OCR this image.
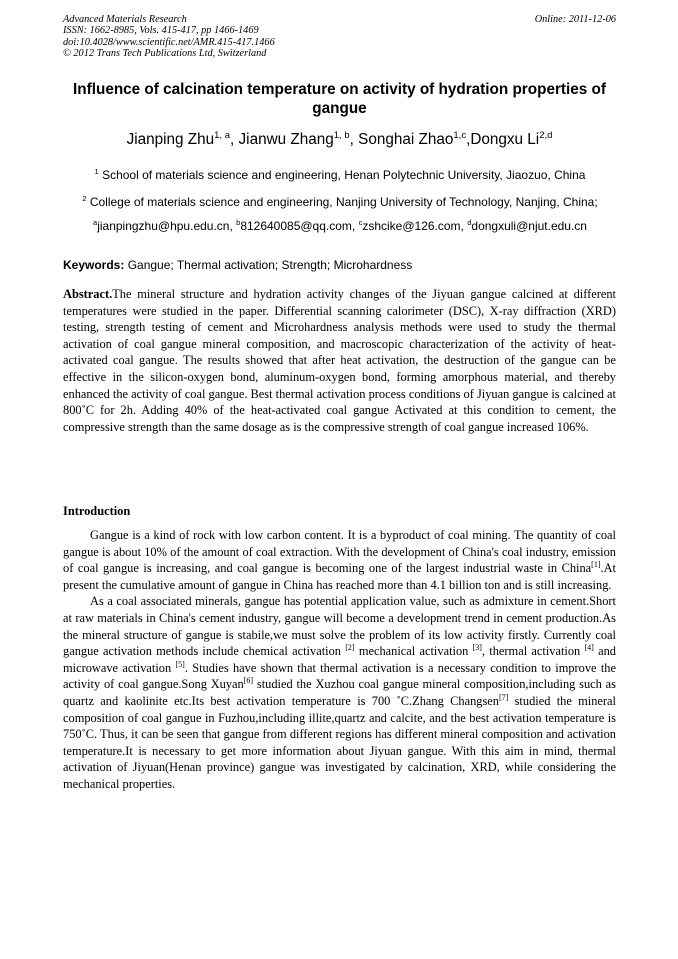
Advanced Materials Research
ISSN: 1662-8985, Vols. 415-417, pp 1466-1469
doi:10.4028/www.scientific.net/AMR.415-417.1466
© 2012 Trans Tech Publications Ltd, Switzerland
Online: 2011-12-06
Influence of calcination temperature on activity of hydration properties of gangue
Jianping Zhu$^{1, a}$, Jianwu Zhang$^{1, b}$, Songhai Zhao$^{1,c}$,Dongxu Li$^{2,d}$
$^1$ School of materials science and engineering, Henan Polytechnic University, Jiaozuo, China
$^2$ College of materials science and engineering, Nanjing University of Technology, Nanjing, China;
$^a$jianpingzhu@hpu.edu.cn, $^b$812640085@qq.com, $^c$zshcike@126.com, $^d$dongxuli@njut.edu.cn
Keywords: Gangue; Thermal activation; Strength; Microhardness
Abstract.The mineral structure and hydration activity changes of the Jiyuan gangue calcined at different temperatures were studied in the paper. Differential scanning calorimeter (DSC), X-ray diffraction (XRD) testing, strength testing of cement and Microhardness analysis methods were used to study the thermal activation of coal gangue mineral composition, and macroscopic characterization of the activity of heat-activated coal gangue. The results showed that after heat activation, the destruction of the gangue can be effective in the silicon-oxygen bond, aluminum-oxygen bond, forming amorphous material, and thereby enhanced the activity of coal gangue. Best thermal activation process conditions of Jiyuan gangue is calcined at 800˚C for 2h. Adding 40% of the heat-activated coal gangue Activated at this condition to cement, the compressive strength than the same dosage as is the compressive strength of coal gangue increased 106%.
Introduction

Gangue is a kind of rock with low carbon content. It is a byproduct of coal mining. The quantity of coal gangue is about 10% of the amount of coal extraction. With the development of China's coal industry, emission of coal gangue is increasing, and coal gangue is becoming one of the largest industrial waste in China[1].At present the cumulative amount of gangue in China has reached more than 4.1 billion ton and is still increasing.

As a coal associated minerals, gangue has potential application value, such as admixture in cement.Short at raw materials in China's cement industry, gangue will become a development trend in cement production.As the mineral structure of gangue is stabile,we must solve the problem of its low activity firstly. Currently coal gangue activation methods include chemical activation [2] mechanical activation [3], thermal activation [4] and microwave activation [5]. Studies have shown that thermal activation is a necessary condition to improve the activity of coal gangue.Song Xuyan[6] studied the Xuzhou coal gangue mineral composition,including such as quartz and kaolinite etc.Its best activation temperature is 700 ˚C.Zhang Changsen[7] studied the mineral composition of coal gangue in Fuzhou,including illite,quartz and calcite, and the best activation temperature is 750˚C. Thus, it can be seen that gangue from different regions has different mineral composition and activation temperature.It is necessary to get more information about Jiyuan gangue. With this aim in mind, thermal activation of Jiyuan(Henan province) gangue was investigated by calcination, XRD, while considering the mechanical properties.
